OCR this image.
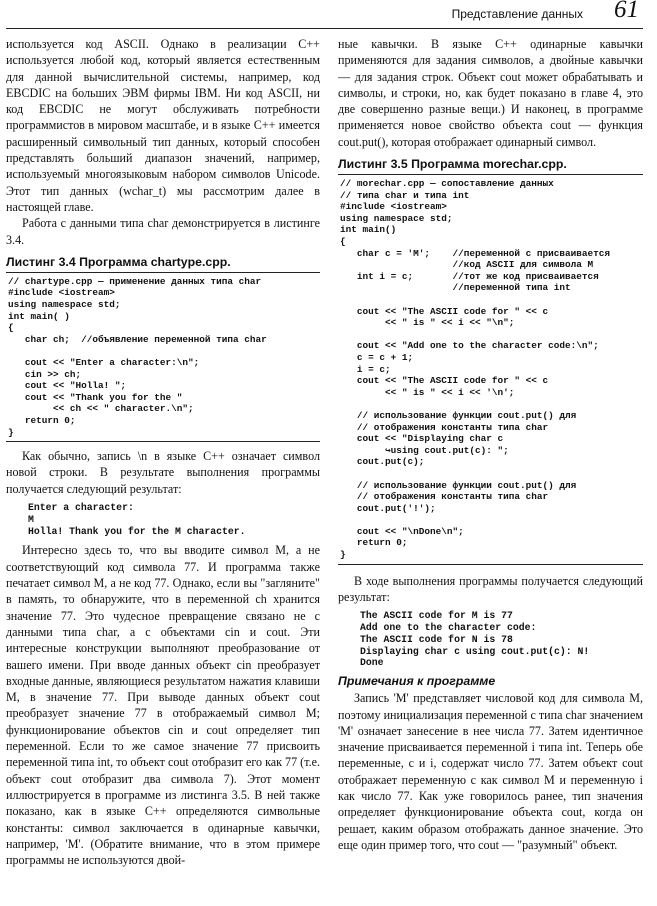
Представление данных 61

используется код ASCII. Однако в реализации C++ используется любой код, который является естественным для данной вычислительной системы, например, код EBCDIC на больших ЭВМ фирмы IBM. Ни код ASCII, ни код EBCDIC не могут обслуживать потребности программистов в мировом масштабе, и в языке C++ имеется расширенный символьный тип данных, который способен представлять больший диапазон значений, например, используемый многоязыковым набором символов Unicode. Этот тип данных (wchar_t) мы рассмотрим далее в настоящей главе.

Работа с данными типа char демонстрируется в листинге 3.4.

Листинг 3.4 Программа chartype.cpp.
// chartype.cpp — применение данных типа char
#include <iostream>
using namespace std;
int main( )
{
char ch;  //объявление переменной типа char

cout << "Enter a character:\n";
cin >> ch;
cout << "Holla! ";
cout << "Thank you for the "
<< ch << " character.\n";
return 0;
}

Как обычно, запись \n в языке C++ означает символ новой строки. В результате выполнения программы получается следующий результат:

Enter a character:
M
Holla! Thank you for the M character.

Интересно здесь то, что вы вводите символ M, а не соответствующий код символа 77. И программа также печатает символ M, а не код 77. Однако, если вы "загляните" в память, то обнаружите, что в переменной ch хранится значение 77. Это чудесное превращение связано не с данными типа char, а с объектами cin и cout. Эти интересные конструкции выполняют преобразование от вашего имени. При вводе данных объект cin преобразует входные данные, являющиеся результатом нажатия клавиши M, в значение 77. При выводе данных объект cout преобразует значение 77 в отображаемый символ M; функционирование объектов cin и cout определяет тип переменной. Если то же самое значение 77 присвоить переменной типа int, то объект cout отобразит его как 77 (т.е. объект cout отобразит два символа 7). Этот момент иллюстрируется в программе из листинга 3.5. В ней также показано, как в языке C++ определяются символьные константы: символ заключается в одинарные кавычки, например, 'M'. (Обратите внимание, что в этом примере программы не используются двой-

ные кавычки. В языке C++ одинарные кавычки применяются для задания символов, а двойные кавычки — для задания строк. Объект cout может обрабатывать и символы, и строки, но, как будет показано в главе 4, это две совершенно разные вещи.) И наконец, в программе применяется новое свойство объекта cout — функция cout.put(), которая отображает одинарный символ.

Листинг 3.5 Программа morechar.cpp.
// morechar.cpp — сопоставление данных
// типа char и типа int
#include <iostream>
using namespace std;
int main()
{
char c = 'M';    //переменной c присваивается
//код ASCII для символа M
int i = c;       //тот же код присваивается
//переменной типа int

cout << "The ASCII code for " << c
<< " is " << i << "\n";

cout << "Add one to the character code:\n";
c = c + 1;
i = c;
cout << "The ASCII code for " << c
<< " is " << i << '\n';

// использование функции cout.put() для
// отображения константы типа char
cout << "Displaying char c
↪using cout.put(c): ";
cout.put(c);

// использование функции cout.put() для
// отображения константы типа char
cout.put('!');

cout << "\nDone\n";
return 0;
}

В ходе выполнения программы получается следующий результат:

The ASCII code for M is 77
Add one to the character code:
The ASCII code for N is 78
Displaying char c using cout.put(c): N!
Done
Примечания к программе

Запись 'M' представляет числовой код для символа M, поэтому инициализация переменной c типа char значением 'M' означает занесение в нее числа 77. Затем идентичное значение присваивается переменной i типа int. Теперь обе переменные, c и i, содержат число 77. Затем объект cout отображает переменную c как символ M и переменную i как число 77. Как уже говорилось ранее, тип значения определяет функционирование объекта cout, когда он решает, каким образом отображать данное значение. Это еще один пример того, что cout — "разумный" объект.
